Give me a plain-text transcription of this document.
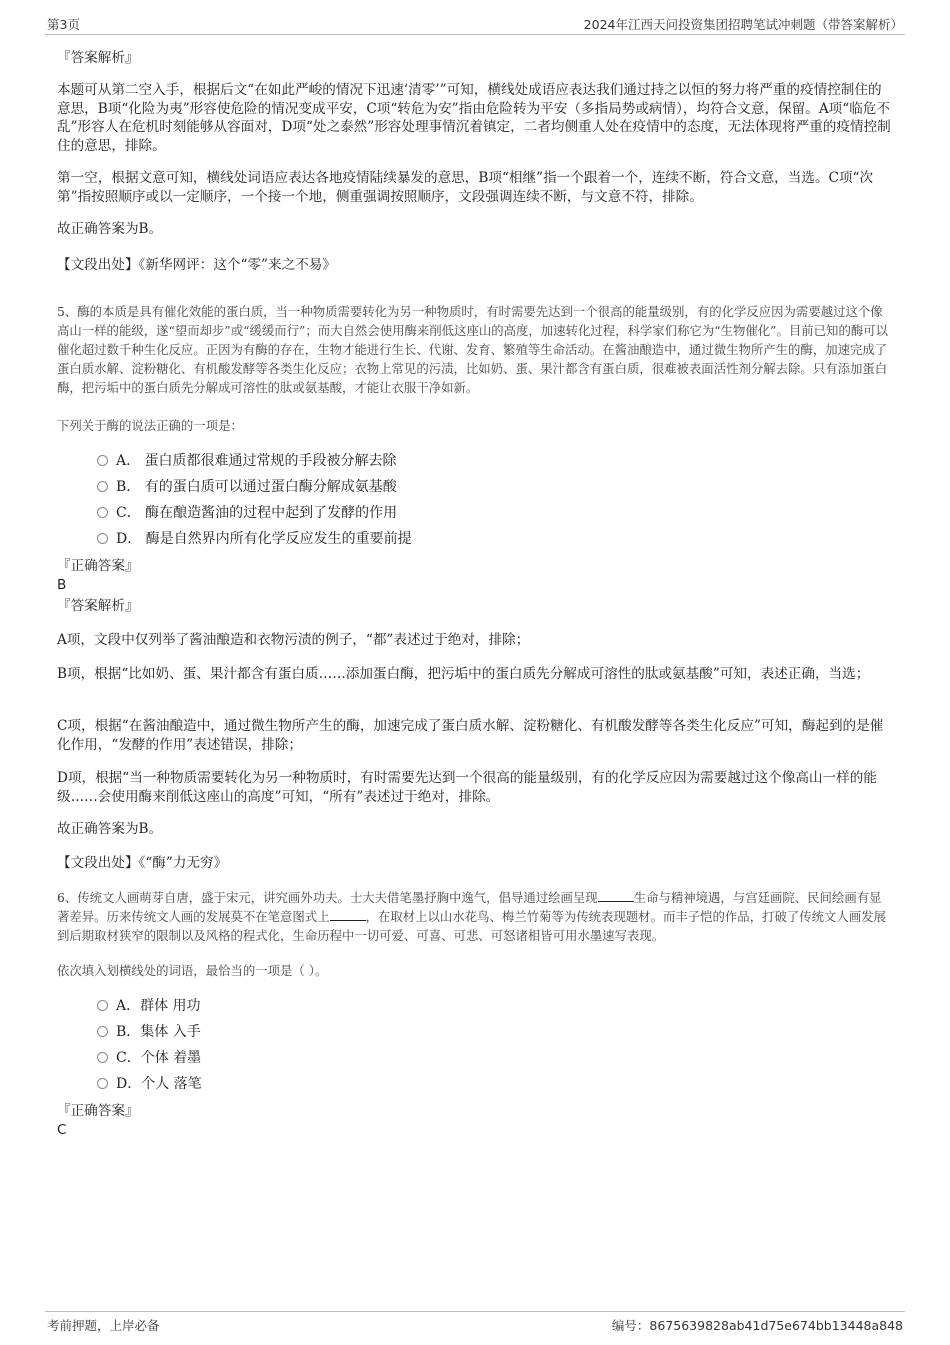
第3页	2024年江西天问投资集团招聘笔试冲刺题（带答案解析）
『答案解析』
本题可从第二空入手，根据后文“在如此严峻的情况下迅速‘清零’”可知，横线处成语应表达我们通过持之以恒的努力将严重的疫情控制住的意思，B项“化险为夷”形容使危险的情况变成平安，C项“转危为安”指由危险转为平安（多指局势或病情），均符合文意，保留。A项“临危不乱”形容人在危机时刻能够从容面对，D项“处之泰然”形容处理事情沉着镇定，二者均侧重人处在疫情中的态度，无法体现将严重的疫情控制住的意思，排除。
第一空，根据文意可知，横线处词语应表达各地疫情陆续暴发的意思，B项“相继”指一个跟着一个，连续不断，符合文意，当选。C项“次第”指按照顺序或以一定顺序，一个接一个地，侧重强调按照顺序，文段强调连续不断，与文意不符，排除。
故正确答案为B。
【文段出处】《新华网评：这个“零”来之不易》
5、酶的本质是具有催化效能的蛋白质，当一种物质需要转化为另一种物质时，有时需要先达到一个很高的能量级别，有的化学反应因为需要越过这个像高山一样的能级，遂“望而却步”或“缓缓而行”；而大自然会使用酶来削低这座山的高度，加速转化过程，科学家们称它为“生物催化”。目前已知的酶可以催化超过数千种生化反应。正因为有酶的存在，生物才能进行生长、代谢、发育、繁殖等生命活动。在酱油酿造中，通过微生物所产生的酶，加速完成了蛋白质水解、淀粉糖化、有机酸发酵等各类生化反应；衣物上常见的污渍，比如奶、蛋、果汁都含有蛋白质，很难被表面活性剂分解去除。只有添加蛋白酶，把污垢中的蛋白质先分解成可溶性的肽或氨基酸，才能让衣服干净如新。
下列关于酶的说法正确的一项是：
A． 蛋白质都很难通过常规的手段被分解去除
B． 有的蛋白质可以通过蛋白酶分解成氨基酸
C． 酶在酿造酱油的过程中起到了发酵的作用
D． 酶是自然界内所有化学反应发生的重要前提
『正确答案』
B
『答案解析』
A项，文段中仅列举了酱油酿造和衣物污渍的例子，“都”表述过于绝对，排除；
B项，根据“比如奶、蛋、果汁都含有蛋白质……添加蛋白酶，把污垢中的蛋白质先分解成可溶性的肽或氨基酸”可知，表述正确，当选；
C项，根据“在酱油酿造中，通过微生物所产生的酶，加速完成了蛋白质水解、淀粉糖化、有机酸发酵等各类生化反应”可知，酶起到的是催化作用，“发酵的作用”表述错误，排除；
D项，根据“当一种物质需要转化为另一种物质时，有时需要先达到一个很高的能量级别，有的化学反应因为需要越过这个像高山一样的能级……会使用酶来削低这座山的高度”可知，“所有”表述过于绝对，排除。
故正确答案为B。
【文段出处】《“酶”力无穷》
6、传统文人画萌芽自唐，盛于宋元，讲究画外功夫。士大夫借笔墨抒胸中逸气，倡导通过绘画呈现	生命与精神境遇，与宫廷画院、民间绘画有显著差异。历来传统文人画的发展莫不在笔意图式上	，在取材上以山水花鸟、梅兰竹菊等为传统表现题材。而丰子恺的作品，打破了传统文人画发展到后期取材狭窄的限制以及风格的程式化，生命历程中一切可爱、可喜、可悲、可怒诸相皆可用水墨速写表现。
依次填入划横线处的词语，最恰当的一项是（ ）。
A．群体 用功
B．集体 入手
C．个体 着墨
D．个人 落笔
『正确答案』
C
考前押题，上岸必备	编号：8675639828ab41d75e674bb13448a848
